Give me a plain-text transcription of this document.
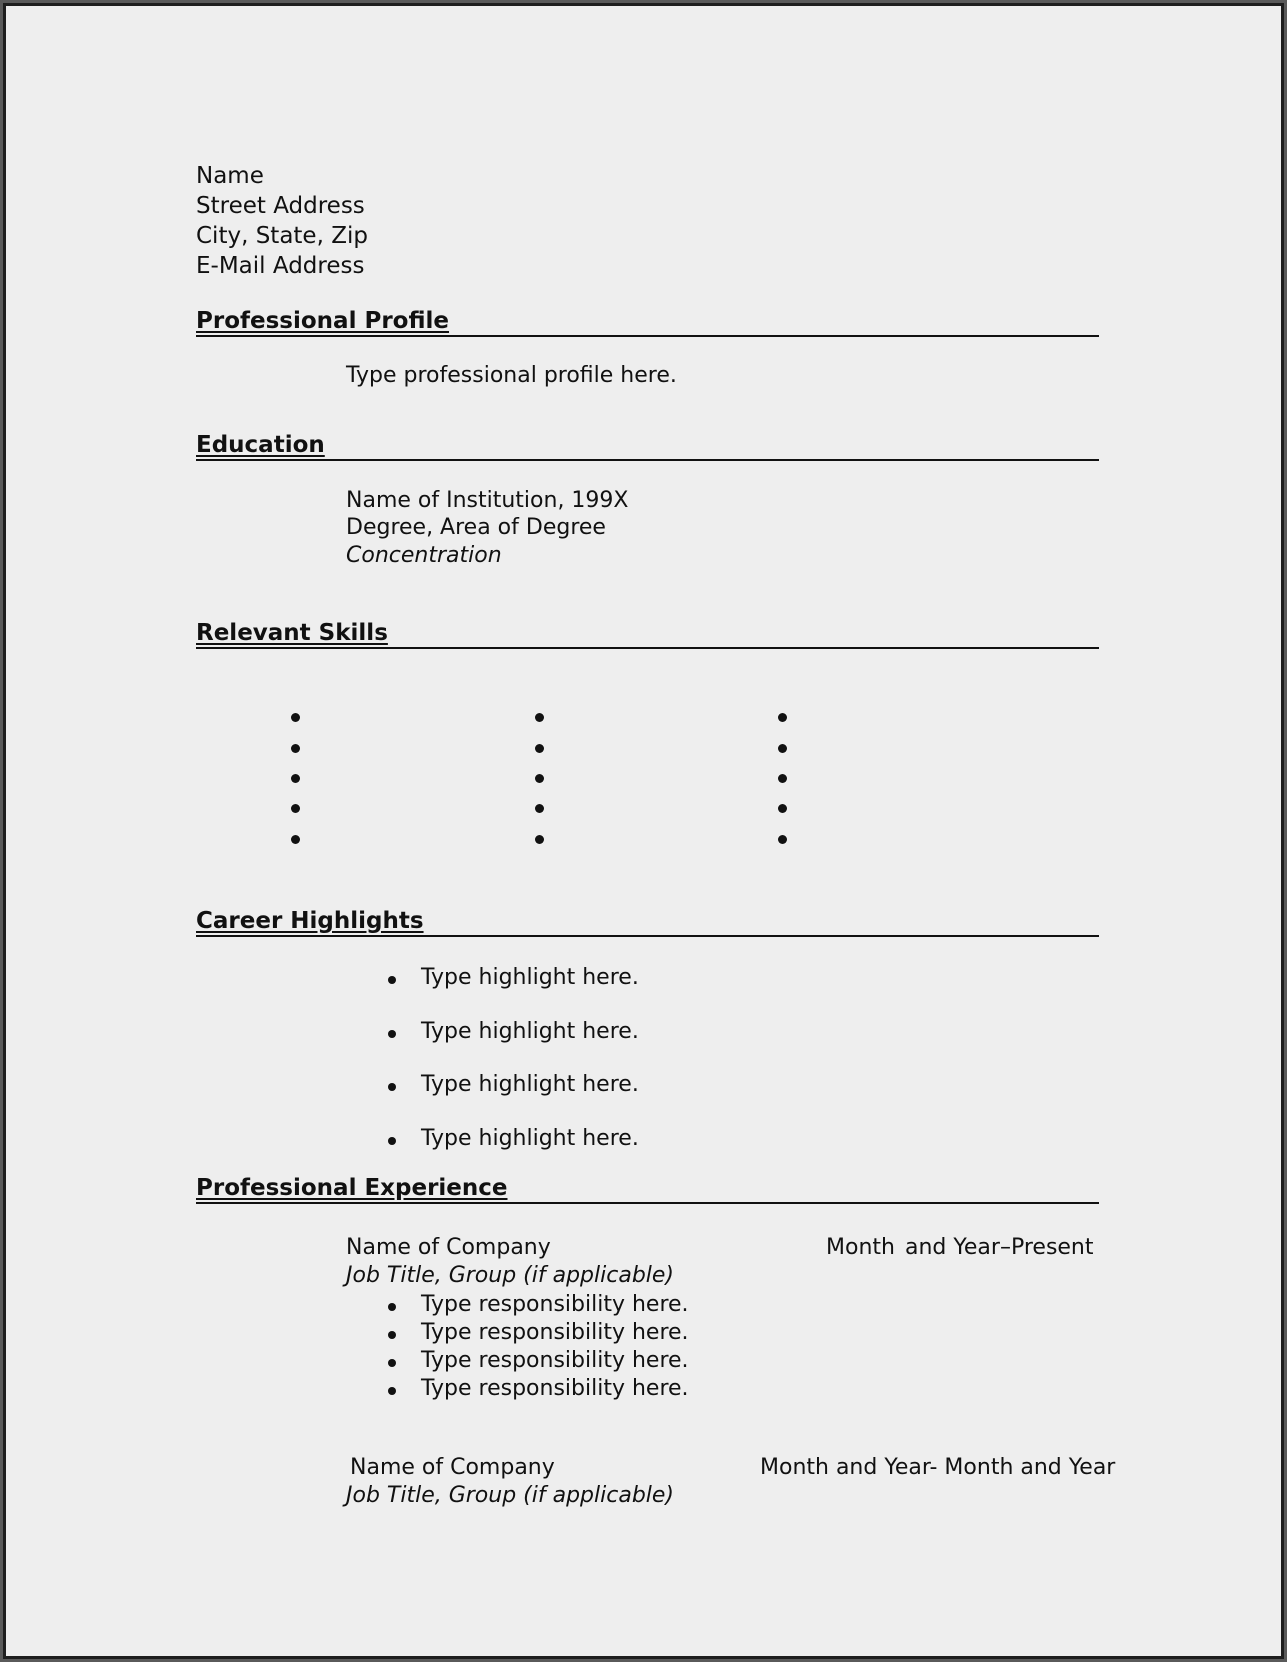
Name
Street Address
City, State, Zip
E-Mail Address
Professional Profile
Type professional profile here.
Education
Name of Institution, 199X
Degree, Area of Degree
Concentration
Relevant Skills
Career Highlights
Type highlight here.
Type highlight here.
Type highlight here.
Type highlight here.
Professional Experience
Name of Company	Month and Year–Present
Job Title, Group (if applicable)
Type responsibility here.
Type responsibility here.
Type responsibility here.
Type responsibility here.
Name of Company	Month and Year- Month and Year
Job Title, Group (if applicable)
